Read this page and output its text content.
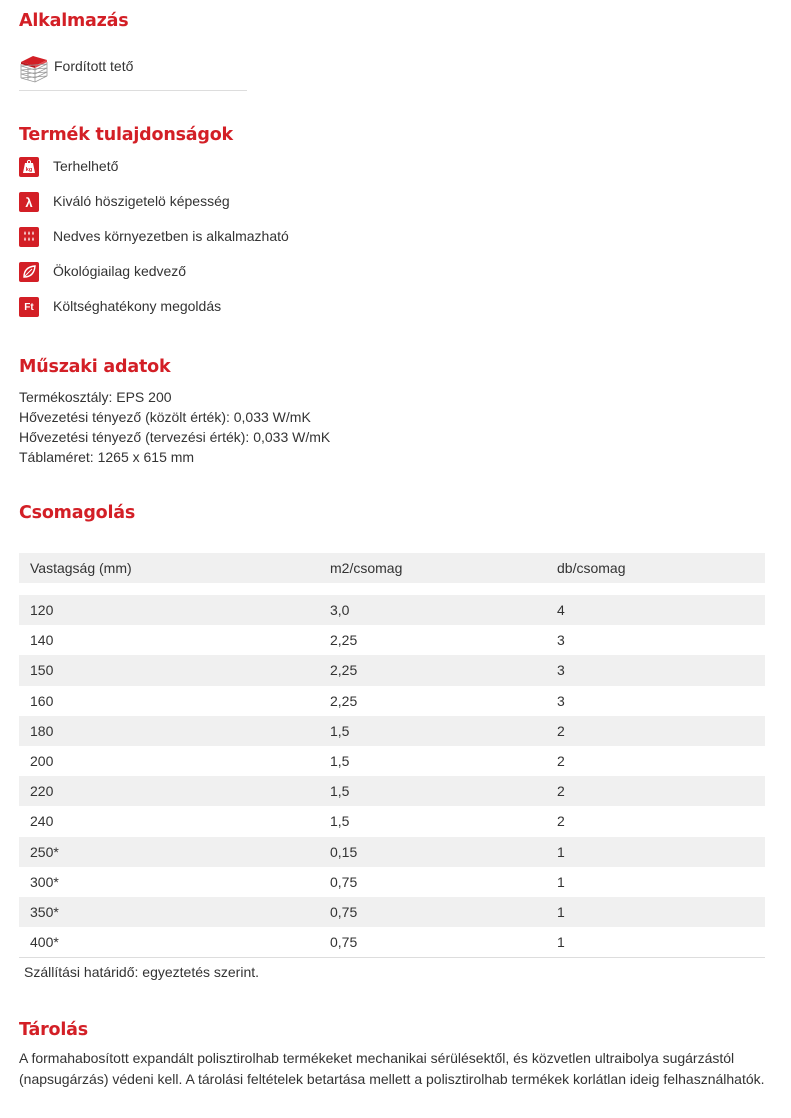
Alkalmazás
Fordított tető
Termék tulajdonságok
kg Terhelhető
λ	Kiváló höszigetelö képesség
Nedves környezetben is alkalmazható
Ökológiailag kedvező
Ft	Költséghatékony megoldás
Műszaki adatok
Termékosztály: EPS 200
Hővezetési tényező (közölt érték): 0,033 W/mK
Hővezetési tényező (tervezési érték): 0,033 W/mK
Táblaméret: 1265 x 615 mm
Csomagolás
Vastagság (mm)	m2/csomag	db/csomag

120	3,0	4
140	2,25	3
150	2,25	3
160	2,25	3
180	1,5	2
200	1,5	2
220	1,5	2
240	1,5	2
250*	0,15	1
300*	0,75	1
350*	0,75	1
400*	0,75	1
Szállítási határidő: egyeztetés szerint.
Tárolás

A formahabosított expandált polisztirolhab termékeket mechanikai sérülésektől, és közvetlen ultraibolya sugárzástól (napsugárzás) védeni kell. A tárolási feltételek betartása mellett a polisztirolhab termékek korlátlan ideig felhasználhatók.
